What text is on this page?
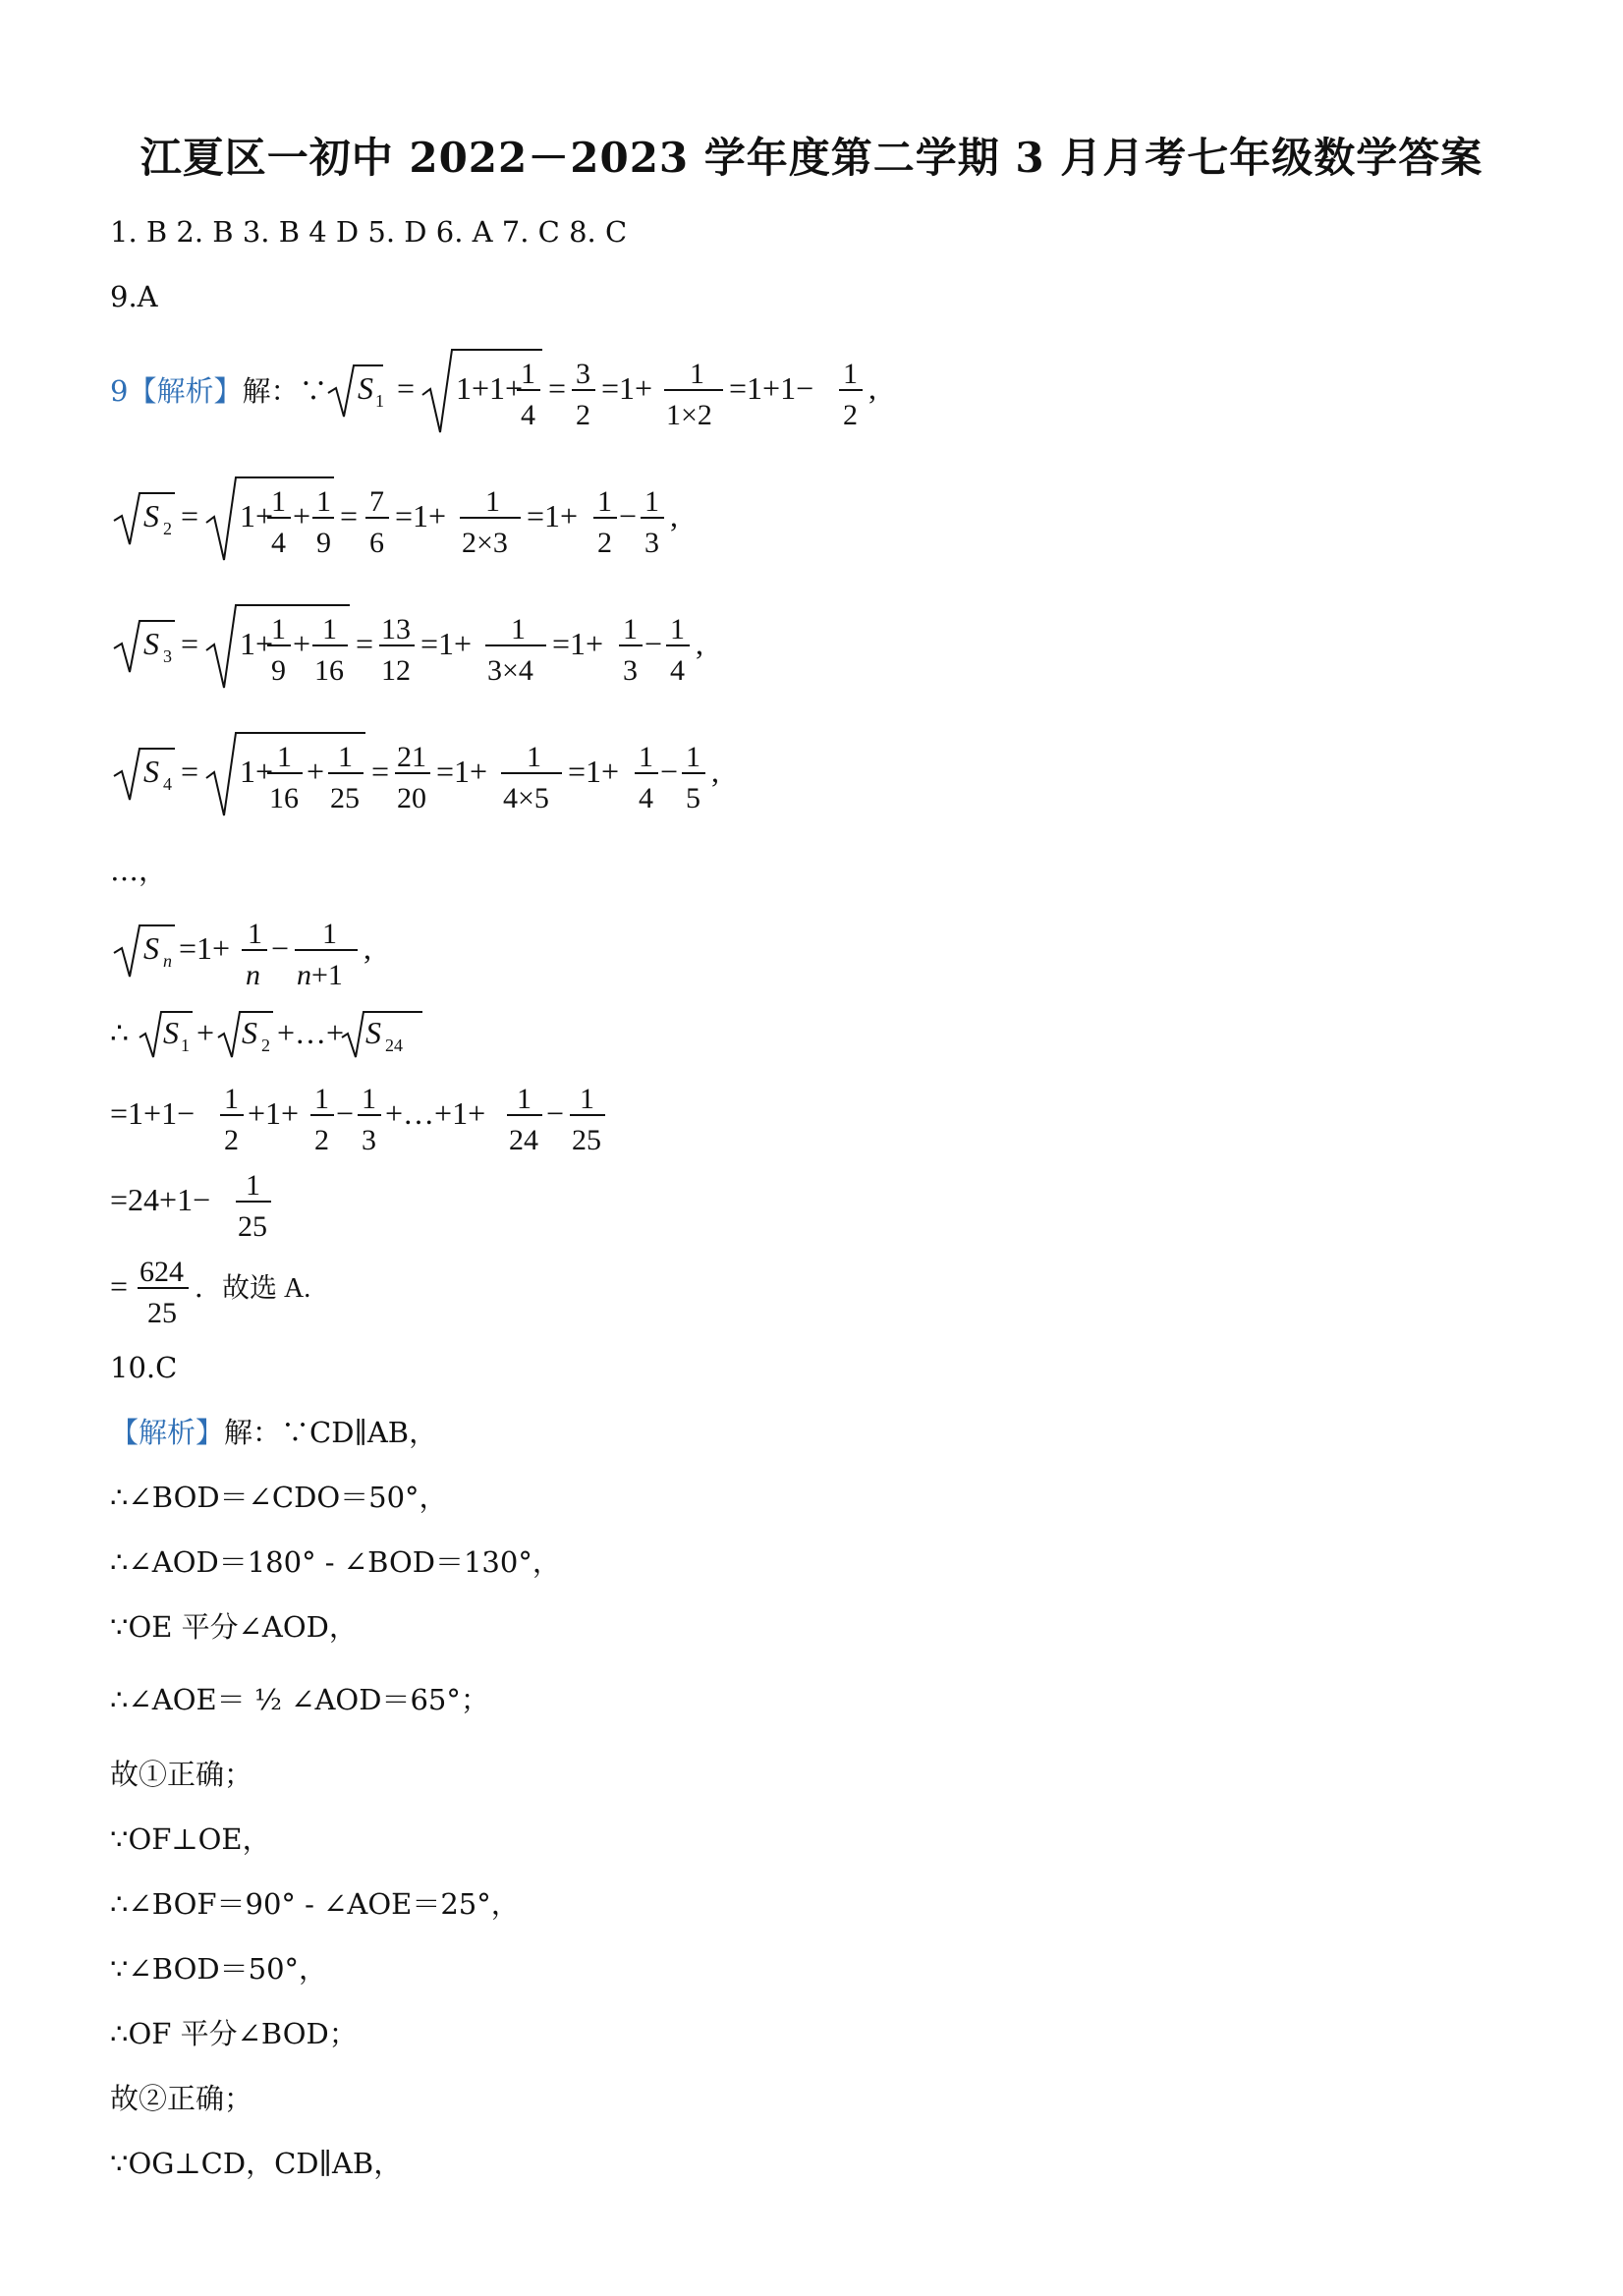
江夏区一初中 2022－2023 学年度第二学期 3 月月考七年级数学答案
1. B 2. B 3. B 4 D 5. D 6. A 7. C 8. C
9.A
9【解析】解：∵ S 1 = 1+1+
1
4
= 3
2
=1+ 1
1×2
=1+1− 1
2
,
S 2 = 1+
1
4
+ 1
9
= 7
6
=1+ 1
2×3
=1+ 1
2
− 1
3
,
S 3 = 1+
1
9
+ 1
16
= 13
12
=1+ 1
3×4
=1+ 1
3
− 1
4
,
S 4 = 1+ 1
16
+ 1
25
= 21
20
=1+ 1
4×5
=1+ 1
4
− 1
5
,
…，
S n =1+ 1
n
− 1
n+1
,
∴ S 1 + S 2 +…+ S 24
=1+1− 1
2
+1+ 1
2
− 1
3
+…+1+ 1
24
− 1
25
=24+1− 1
25
= 624
25
．故选 A.
10.C
【解析】解：∵CD∥AB，
∴∠BOD＝∠CDO＝50°，
∴∠AOD＝180° - ∠BOD＝130°，
∵OE 平分∠AOD，
∴∠AOE＝ ½ ∠AOD＝65°；
故①正确；
∵OF⊥OE，
∴∠BOF＝90° - ∠AOE＝25°，
∵∠BOD＝50°，
∴OF 平分∠BOD；
故②正确；
∵OG⊥CD，CD∥AB，
